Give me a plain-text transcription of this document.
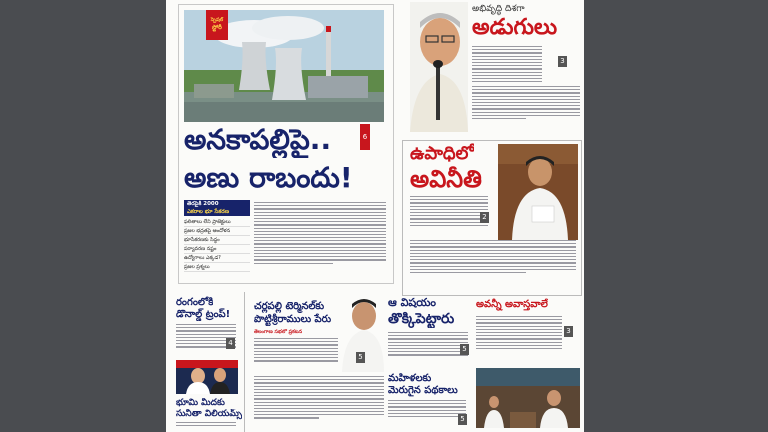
స్పెషల్
స్టోరీ
అనకాపల్లిపై..	6
అణు రాబందు!
తెరపైకి 2000
ఎకరాల భూ సేకరణ
ఫలితాలు లేని ప్రాజెక్టులు
ప్రజల భద్రతపై ఆందోళన
భూసేకరణకు సిద్ధం
పర్యావరణ నష్టం
ఉద్యోగాలు ఎక్కడ?
ప్రజల ప్రశ్నలు
అభివృద్ధి దిశగా
అడుగులు
3
ఉపాధిలో
అవినీతి
2
రంగంలోకి
డొనాల్డ్ ట్రంప్!
4
భూమి మీదకు
సునీతా విలియమ్స్
చర్లపల్లి టెర్మినల్‌కు
పొట్టిశ్రీరాములు పేరు
తెలంగాణ సభలో ప్రకటన
5
ఆ విషయం
తొక్కిపెట్టారు
5
మహిళలకు
మెరుగైన పథకాలు
5
అవన్నీ అవాస్తవాలే
3
